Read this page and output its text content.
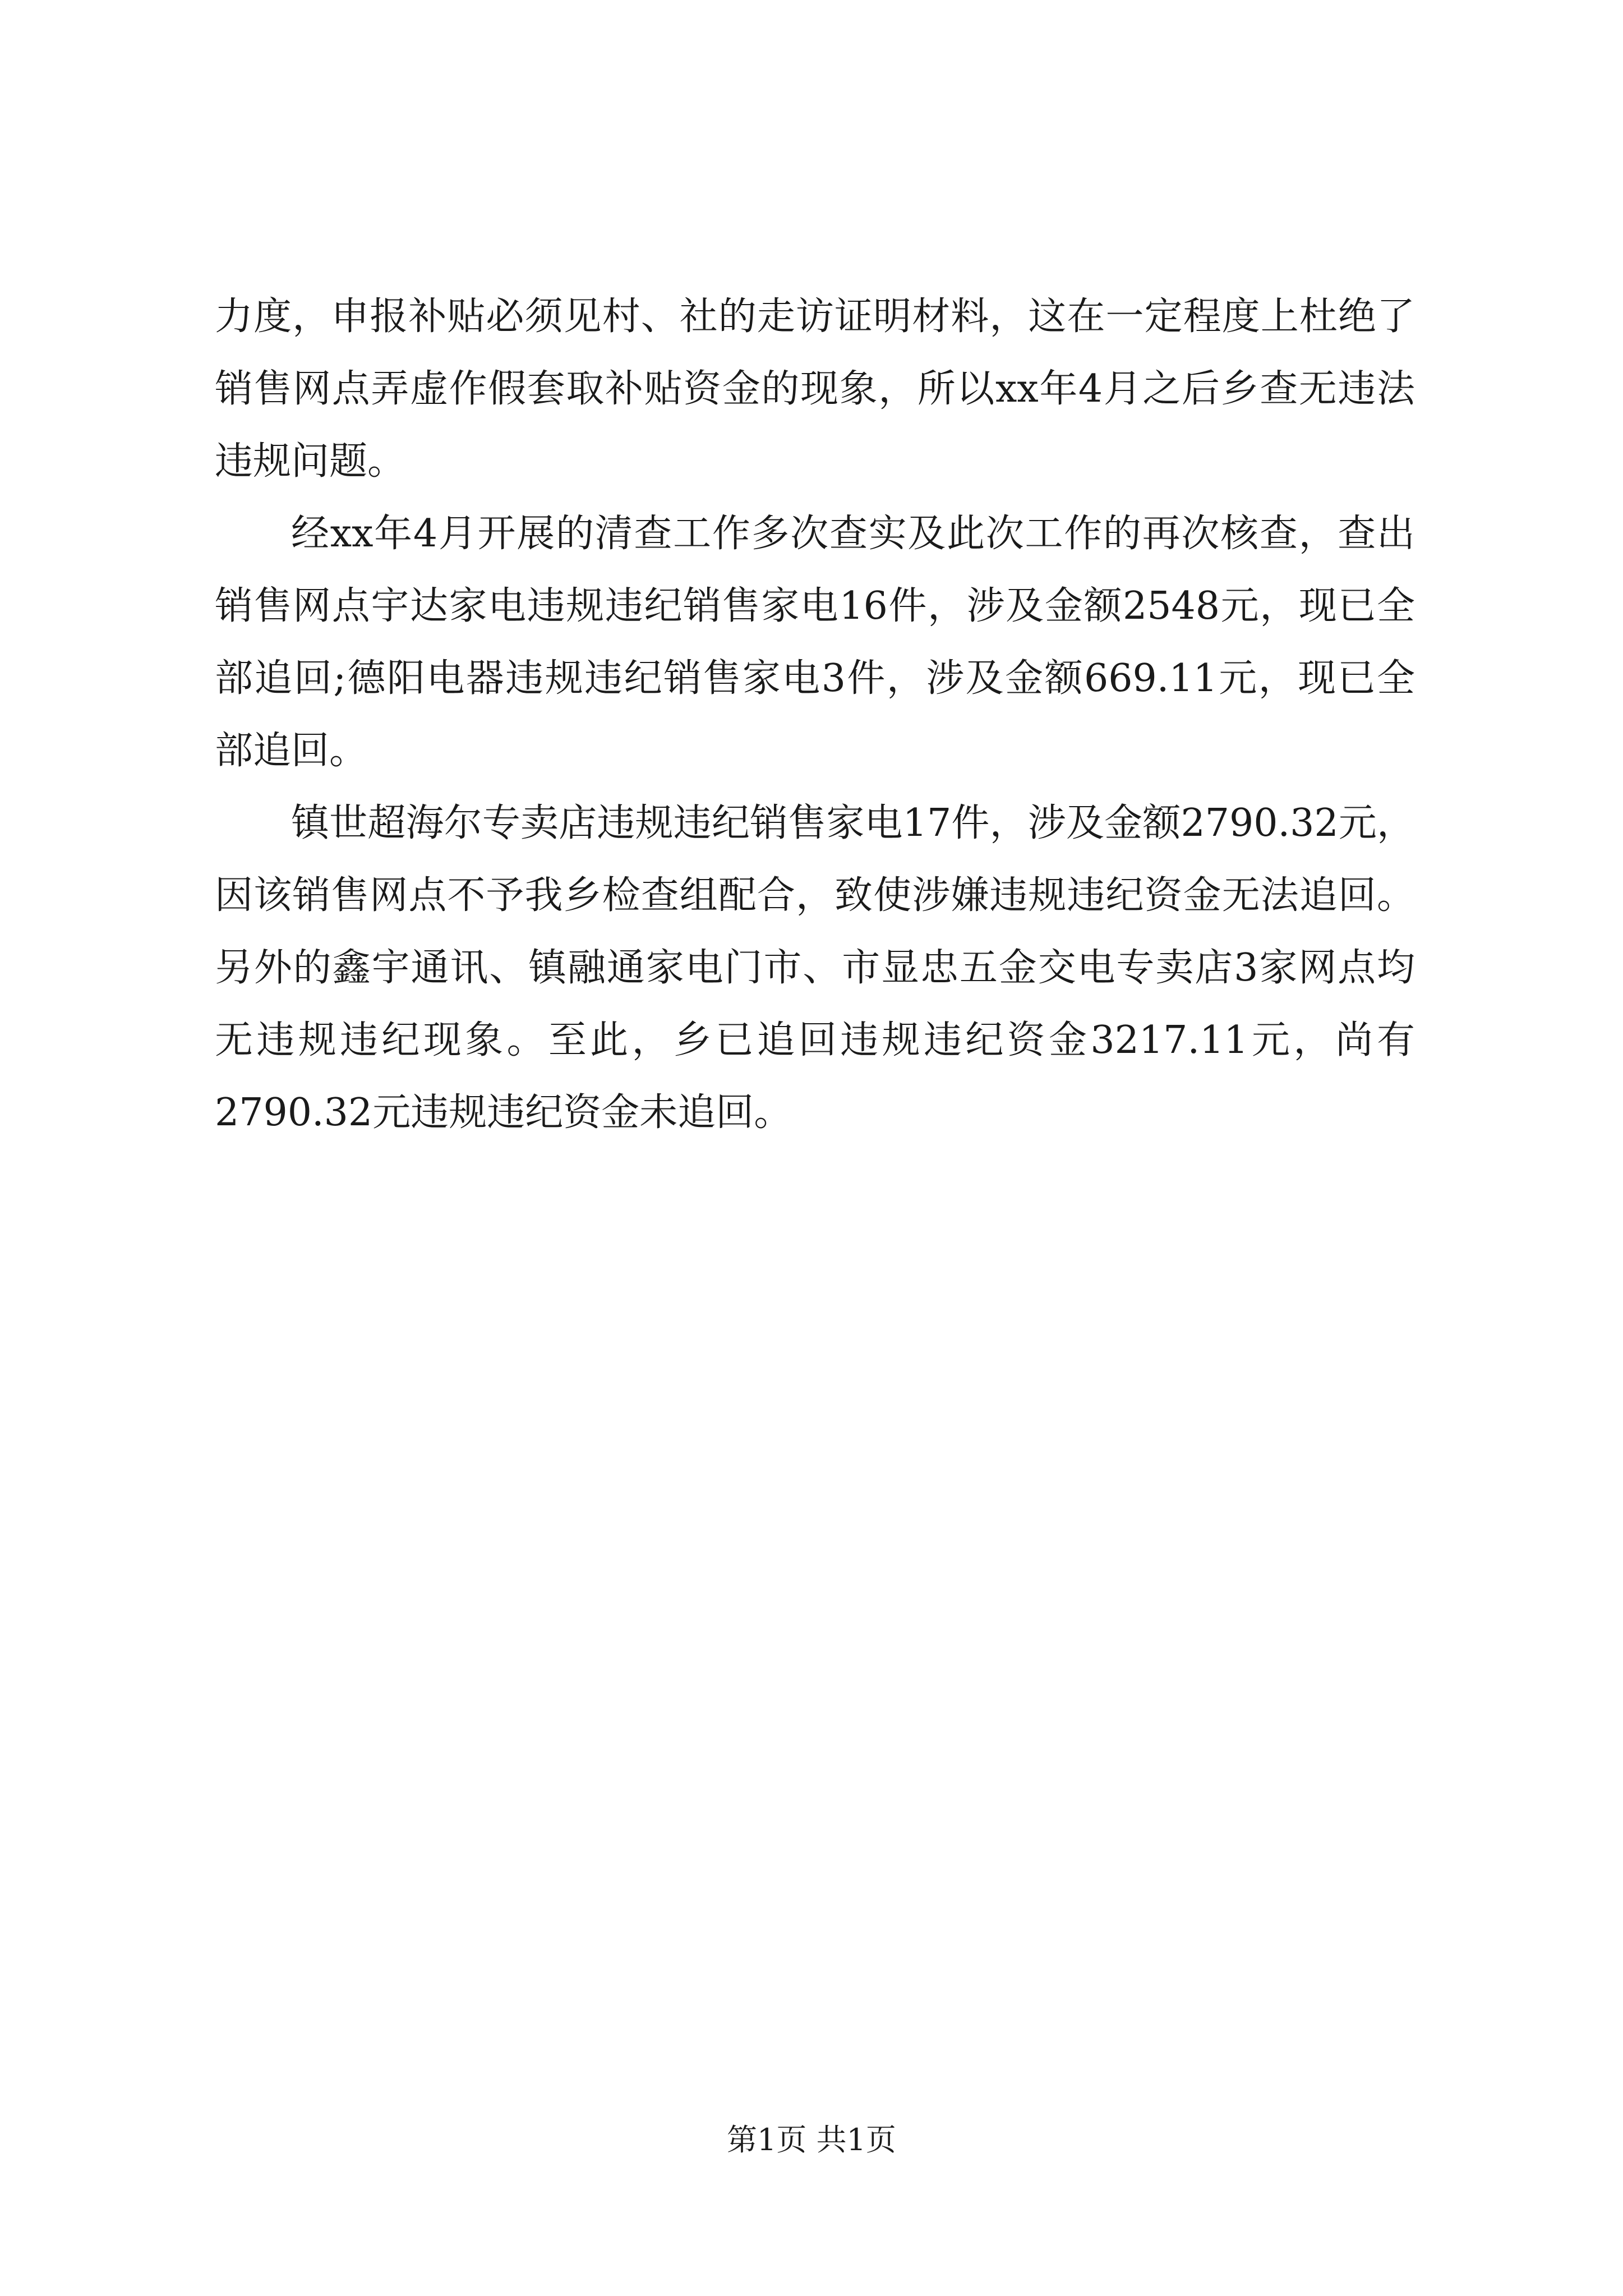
力度，申报补贴必须见村、社的走访证明材料，这在一定程度上杜绝了销售网点弄虚作假套取补贴资金的现象，所以xx年4月之后乡查无违法违规问题。

经xx年4月开展的清查工作多次查实及此次工作的再次核查，查出销售网点宇达家电违规违纪销售家电16件，涉及金额2548元，现已全部追回;德阳电器违规违纪销售家电3件，涉及金额669.11元，现已全部追回。

镇世超海尔专卖店违规违纪销售家电17件，涉及金额2790.32元，因该销售网点不予我乡检查组配合，致使涉嫌违规违纪资金无法追回。另外的鑫宇通讯、镇融通家电门市、市显忠五金交电专卖店3家网点均无违规违纪现象。至此，乡已追回违规违纪资金3217.11元，尚有2790.32元违规违纪资金未追回。

第1页 共1页
